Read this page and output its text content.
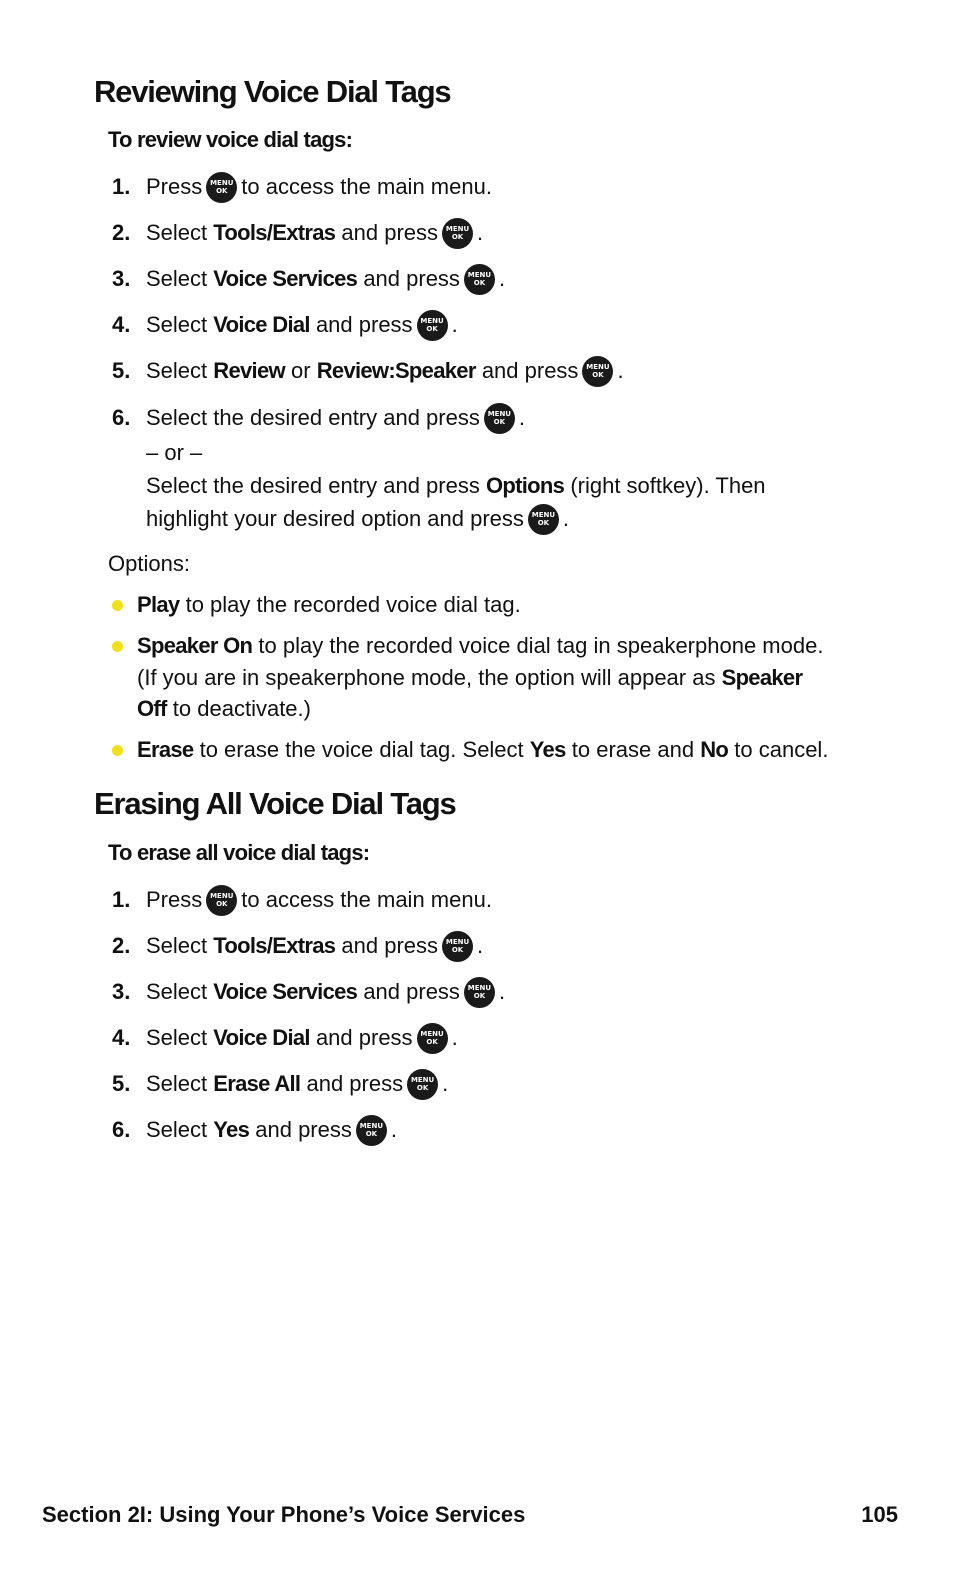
Reviewing Voice Dial Tags

To review voice dial tags:

1. Press MENU
OK to access the main menu.
2. Select
Tools/Extras
and press MENU
OK .
3. Select
Voice Services
and press MENU
OK .
4. Select
Voice Dial
and press MENU
OK .
5. Select
Review
or
Review:Speaker
and press MENU
OK .
6. Select the desired entry and press MENU
OK .
– or –
Select the desired entry and press
Options
(right softkey). Then
highlight your desired option and press MENU
OK .
Options:
Play
to play the recorded voice dial tag.
Speaker On
to play the recorded voice dial tag in speakerphone mode.
(If you are in speakerphone mode, the option will appear as
Speaker
Off
to deactivate.)
Erase
to erase the voice dial tag. Select
Yes
to erase and
No
to cancel.
Erasing All Voice Dial Tags

To erase all voice dial tags:

1. Press MENU
OK to access the main menu.
2. Select
Tools/Extras
and press MENU
OK .
3. Select
Voice Services
and press MENU
OK .
4. Select
Voice Dial
and press MENU
OK .
5. Select
Erase All
and press MENU
OK .
6. Select
Yes
and press MENU
OK .
Section 2I: Using Your Phone’s Voice Services	105
